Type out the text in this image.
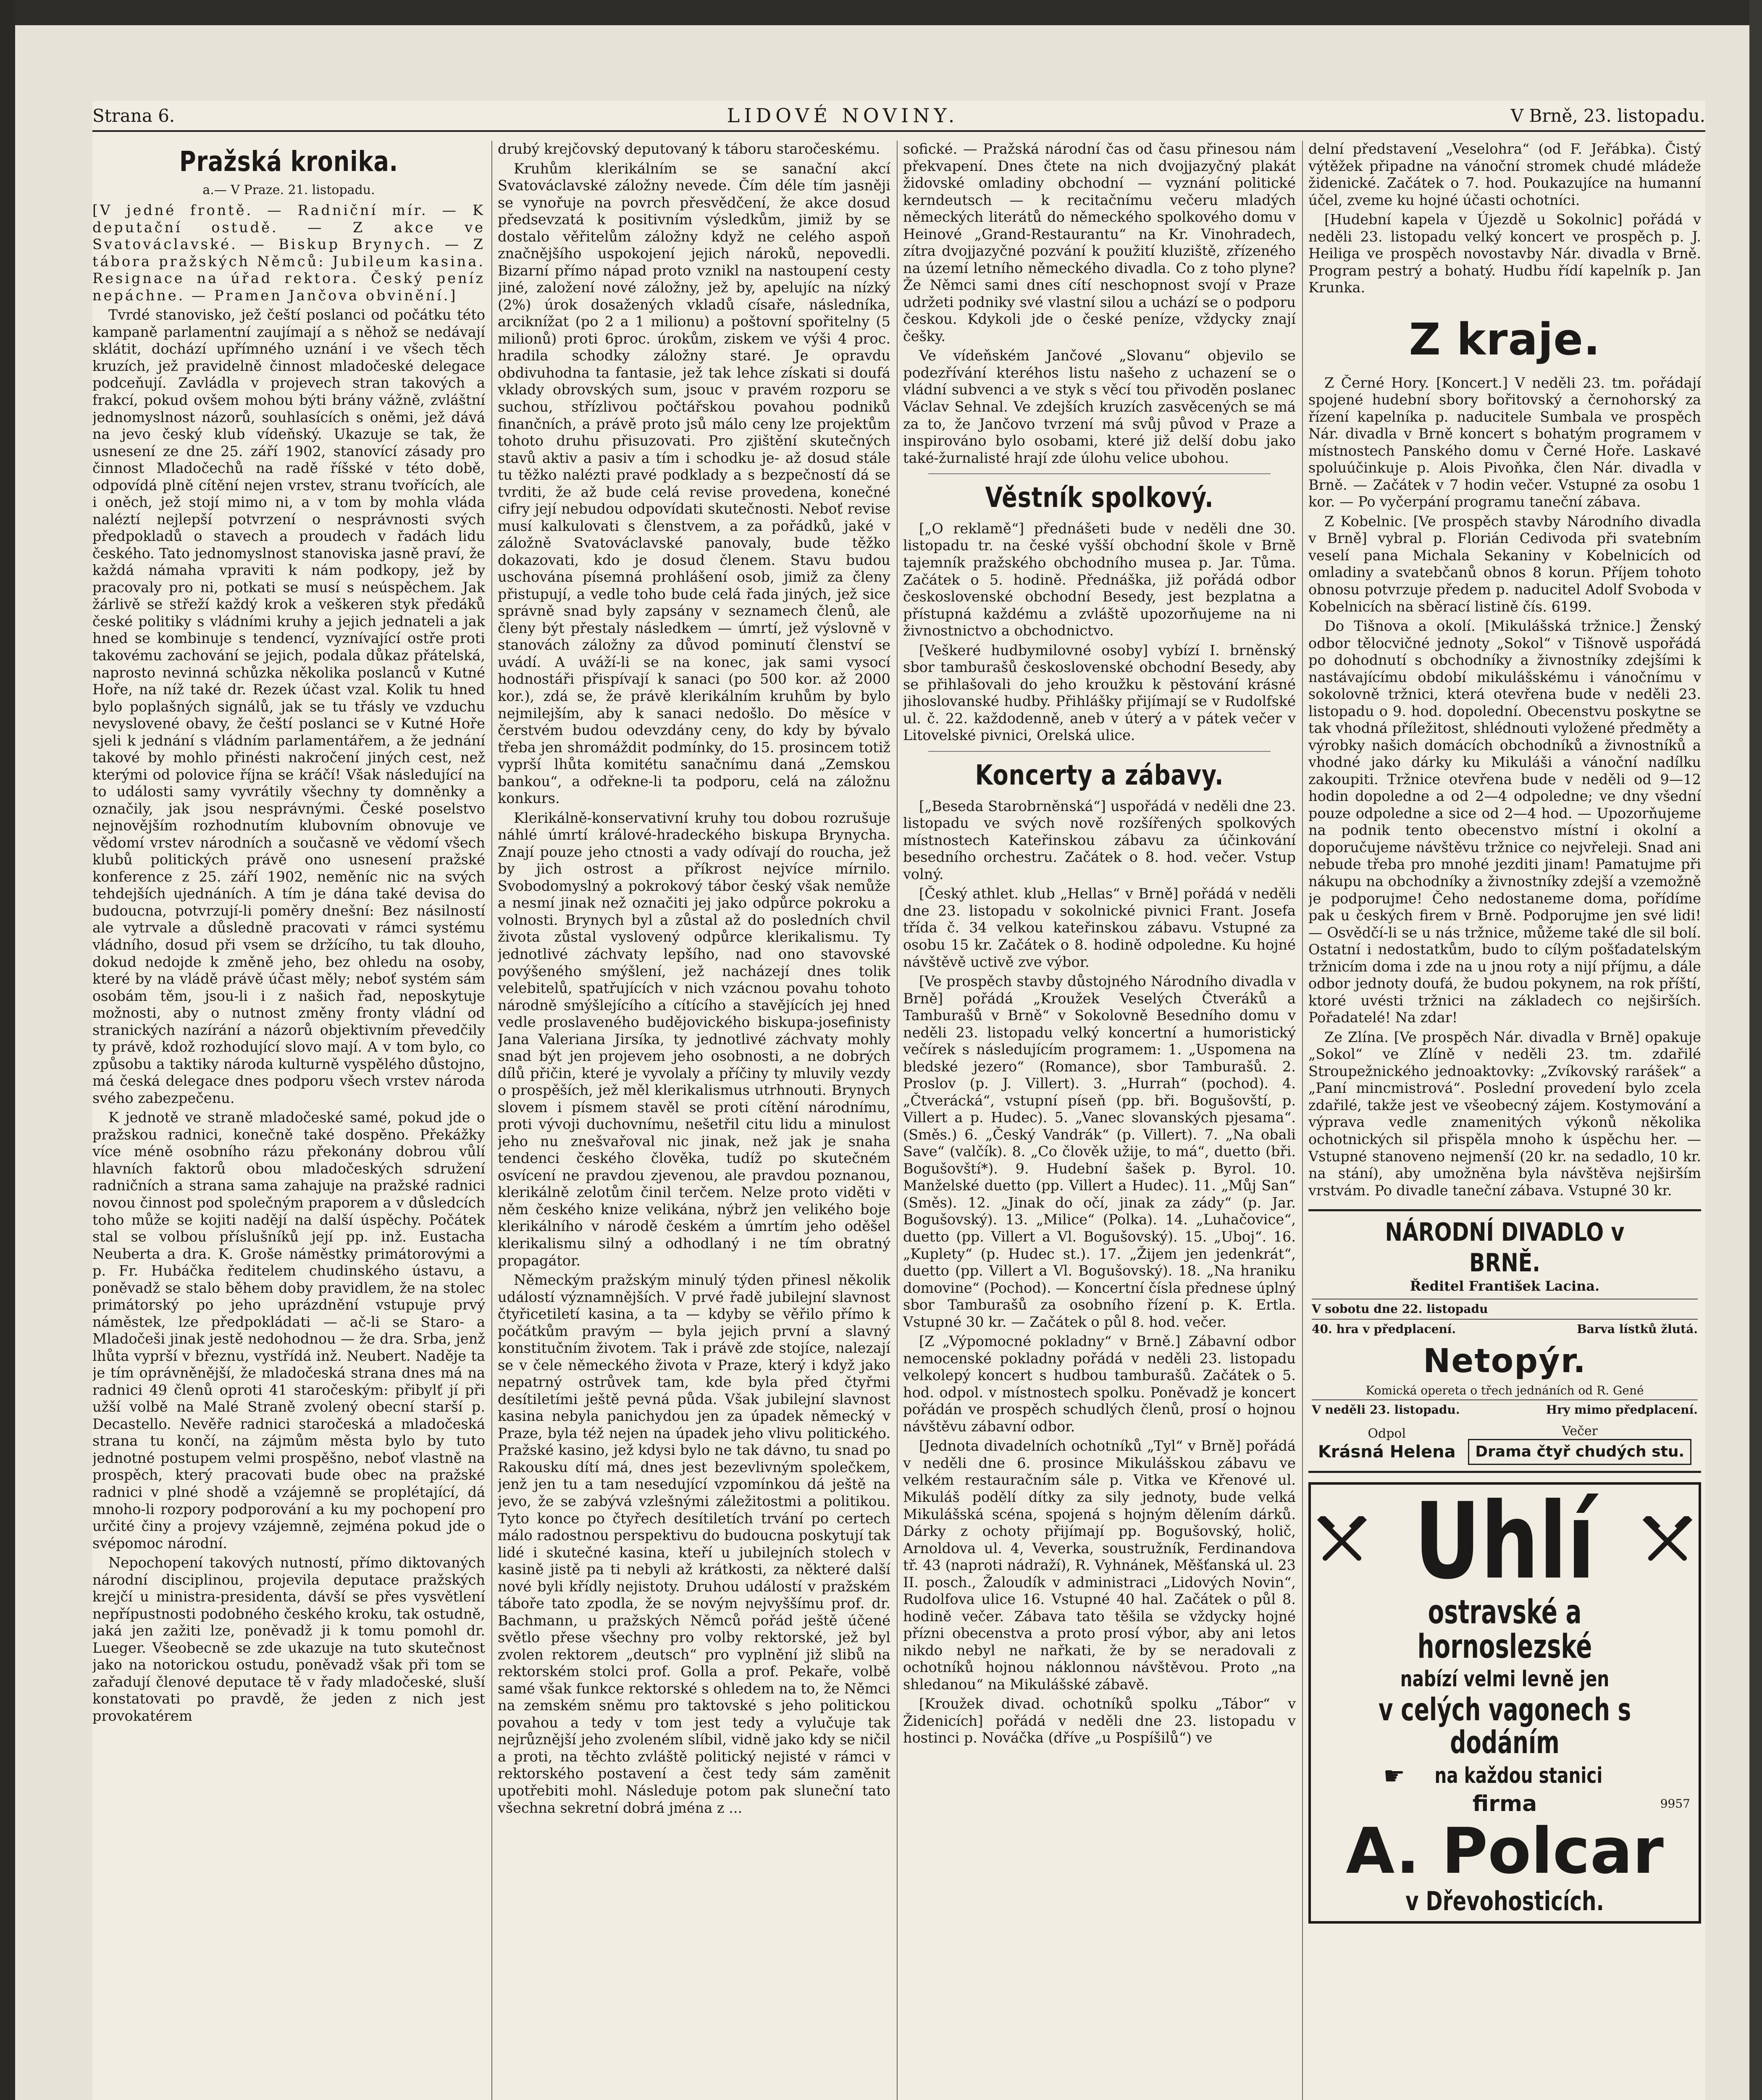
Strana 6.	LIDOVÉ NOVINY.	V Brně, 23. listopadu.
Pražská kronika.
a.— V Praze. 21. listopadu.

[V jedné frontě. — Radniční mír. — K deputační ostudě. — Z akce ve Svatováclavské. — Biskup Brynych. — Z tábora pražských Němců: Jubileum kasina. Resignace na úřad rektora. Český peníz nepáchne. — Pramen Jančova obvinění.]

Tvrdé stanovisko, jež čeští poslanci od počátku této kampaně parlamentní zaujímají a s něhož se nedávají sklátit, dochází upřímného uznání i ve všech těch kruzích, jež pravidelně činnost mladočeské delegace podceňují. Zavládla v projevech stran takových a frakcí, pokud ovšem mohou býti brány vážně, zvláštní jednomyslnost názorů, souhlasících s oněmi, jež dává na jevo český klub vídeňský. Ukazuje se tak, že usnesení ze dne 25. září 1902, stanovící zásady pro činnost Mladočechů na radě říšské v této době, odpovídá plně cítění nejen vrstev, stranu tvořících, ale i oněch, jež stojí mimo ni, a v tom by mohla vláda naléztí nejlepší potvrzení o nesprávnosti svých předpokladů o stavech a proudech v řadách lidu českého. Tato jednomyslnost stanoviska jasně praví, že každá námaha vpraviti k nám podkopy, jež by pracovaly pro ni, potkati se musí s neúspěchem. Jak žárlivě se střeží každý krok a veškeren styk předáků české politiky s vládními kruhy a jejich jednateli a jak hned se kombinuje s tendencí, vyznívající ostře proti takovému zachování se jejich, podala důkaz přátelská, naprosto nevinná schůzka několika poslanců v Kutné Hoře, na níž také dr. Rezek účast vzal. Kolik tu hned bylo poplašných signálů, jak se tu třásly ve vzduchu nevyslovené obavy, že čeští poslanci se v Kutné Hoře sjeli k jednání s vládním parlamentářem, a že jednání takové by mohlo přinésti nakročení jiných cest, než kterými od polovice října se kráčí! Však následující na to události samy vyvrátily všechny ty domněnky a označily, jak jsou nesprávnými. České poselstvo nejnovějším rozhodnutím klubovním obnovuje ve vědomí vrstev národních a současně ve vědomí všech klubů politických právě ono usnesení pražské konference z 25. září 1902, neměníc nic na svých tehdejších ujednáních. A tím je dána také devisa do budoucna, potvrzují-li poměry dnešní: Bez násilností ale vytrvale a důsledně pracovati v rámci systému vládního, dosud při vsem se držícího, tu tak dlouho, dokud nedojde k změně jeho, bez ohledu na osoby, které by na vládě právě účast měly; neboť systém sám osobám těm, jsou-li i z našich řad, neposkytuje možnosti, aby o nutnost změny fronty vládní od stranických nazírání a názorů objektivním převedčily ty právě, kdož rozhodující slovo mají. A v tom bylo, co způsobu a taktiky národa kulturně vyspělého důstojno, má česká delegace dnes podporu všech vrstev národa svého zabezpečenu.

K jednotě ve straně mladočeské samé, pokud jde o pražskou radnici, konečně také dospěno. Překážky více méně osobního rázu překonány dobrou vůlí hlavních faktorů obou mladočeských sdružení radničních a strana sama zahajuje na pražské radnici novou činnost pod společným praporem a v důsledcích toho může se kojiti nadějí na další úspěchy. Počátek stal se volbou příslušníků její pp. inž. Eustacha Neuberta a dra. K. Groše náměstky primátorovými a p. Fr. Hubáčka ředitelem chudinského ústavu, a poněvadž se stalo během doby pravidlem, že na stolec primátorský po jeho uprázdnění vstupuje prvý náměstek, lze předpokládati — ač-li se Staro- a Mladočeši jinak jestě nedohodnou — že dra. Srba, jenž lhůta vyprší v březnu, vystřídá inž. Neubert. Naděje ta je tím oprávněnější, že mladočeská strana dnes má na radnici 49 členů oproti 41 staročeským: přibylť jí při užší volbě na Malé Straně zvolený obecní starší p. Decastello. Nevěře radnici staročeská a mladočeská strana tu končí, na zájmům města bylo by tuto jednotné postupem velmi prospěšno, neboť vlastně na prospěch, který pracovati bude obec na pražské radnici v plné shodě a vzájemně se proplétající, dá mnoho-li rozpory podporování a ku my pochopení pro určité činy a projevy vzájemně, zejména pokud jde o svépomoc národní.

Nepochopení takových nutností, přímo diktovaných národní disciplinou, projevila deputace pražských krejčí u ministra-presidenta, dávší se přes vysvětlení nepřípustnosti podobného českého kroku, tak ostudně, jaká jen zažiti lze, poněvadž ji k tomu pomohl dr. Lueger. Všeobecně se zde ukazuje na tuto skutečnost jako na notorickou ostudu, poněvadž však při tom se zařadují členové deputace tě v řady mladočeské, sluší konstatovati po pravdě, že jeden z nich jest provokatérem

drubý krejčovský deputovaný k táboru staročeskému.

Kruhům klerikálním se se sanační akcí Svatováclavské záložny nevede. Čím déle tím jasněji se vynořuje na povrch přesvědčení, že akce dosud předsevzatá k positivním výsledkům, jimiž by se dostalo věřitelům záložny když ne celého aspoň značnějšího uspokojení jejich nároků, nepovedli. Bizarní přímo nápad proto vznikl na nastoupení cesty jiné, založení nové záložny, jež by, apelujíc na nízký (2%) úrok dosažených vkladů císaře, následníka, arciknížat (po 2 a 1 milionu) a poštovní spořitelny (5 milionů) proti 6proc. úrokům, ziskem ve výši 4 proc. hradila schodky záložny staré. Je opravdu obdivuhodna ta fantasie, jež tak lehce získati si doufá vklady obrovských sum, jsouc v pravém rozporu se suchou, střízlivou počtářskou povahou podniků finančních, a právě proto jsů málo ceny lze projektům tohoto druhu přisuzovati. Pro zjištění skutečných stavů aktiv a pasiv a tím i schodku je- až dosud stále tu těžko nalézti pravé podklady a s bezpečností dá se tvrditi, že až bude celá revise provedena, konečné cifry její nebudou odpovídati skutečnosti. Neboť revise musí kalkulovati s členstvem, a za pořádků, jaké v záložně Svatováclavské panovaly, bude těžko dokazovati, kdo je dosud členem. Stavu budou uschována písemná prohlášení osob, jimiž za členy přistupují, a vedle toho bude celá řada jiných, jež sice správně snad byly zapsány v seznamech členů, ale členy být přestaly následkem — úmrtí, jež výslovně v stanovách záložny za důvod pominutí členství se uvádí. A uváží-li se na konec, jak sami vysocí hodnostáři přispívají k sanaci (po 500 kor. až 2000 kor.), zdá se, že právě klerikálním kruhům by bylo nejmilejším, aby k sanaci nedošlo. Do měsíce v čerstvém budou odevzdány ceny, do kdy by bývalo třeba jen shromáždit podmínky, do 15. prosincem totiž vyprší lhůta komitétu sanačnímu daná „Zemskou bankou“, a odřekne-li ta podporu, celá na záložnu konkurs.

Klerikálně-konservativní kruhy tou dobou rozrušuje náhlé úmrtí králové-hradeckého biskupa Brynycha. Znají pouze jeho ctnosti a vady odívají do roucha, jež by jich ostrost a příkrost nejvíce mírnilo. Svobodomyslný a pokrokový tábor český však nemůže a nesmí jinak než označiti jej jako odpůrce pokroku a volnosti. Brynych byl a zůstal až do posledních chvil života zůstal vyslovený odpůrce klerikalismu. Ty jednotlivé záchvaty lepšího, nad ono stavovské povýšeného smýšlení, jež nacházejí dnes tolik velebitelů, spatřujících v nich vzácnou povahu tohoto národně smýšlejícího a cítícího a stavějících jej hned vedle proslaveného budějovického biskupa-josefinisty Jana Valeriana Jirsíka, ty jednotlivé záchvaty mohly snad být jen projevem jeho osobnosti, a ne dobrých dílů přičin, které je vyvolaly a příčiny ty mluvily vezdy o prospěších, jež měl klerikalismus utrhnouti. Brynych slovem i písmem stavěl se proti cítění národnímu, proti vývoji duchovnímu, nešetřil citu lidu a minulost jeho nu znešvařoval nic jinak, než jak je snaha tendenci českého člověka, tudíž po skutečném osvícení ne pravdou zjevenou, ale pravdou poznanou, klerikálně zelotům činil terčem. Nelze proto viděti v něm českého knize velikána, nýbrž jen velikého boje klerikálního v národě českém a úmrtím jeho oděšel klerikalismu silný a odhodlaný i ne tím obratný propagátor.

Německým pražským minulý týden přinesl několik událostí významnějších. V prvé řadě jubilejní slavnost čtyřicetiletí kasina, a ta — kdyby se věřilo přímo k počátkům pravým — byla jejich první a slavný konstitučním životem. Tak i právě zde stojíce, nalezají se v čele německého života v Praze, který i když jako nepatrný ostrůvek tam, kde byla před čtyřmi desítiletími ještě pevná půda. Však jubilejní slavnost kasina nebyla panichydou jen za úpadek německý v Praze, byla též nejen na úpadek jeho vlivu politického. Pražské kasino, jež kdysi bylo ne tak dávno, tu snad po Rakousku dítí má, dnes jest bezevlivným společkem, jenž jen tu a tam nesedující vzpomínkou dá ještě na jevo, že se zabývá vzlešnými záležitostmi a politikou. Tyto konce po čtyřech desítiletích trvání po certech málo radostnou perspektivu do budoucna poskytují tak lidé i skutečné kasina, kteří u jubilejních stolech v kasině jistě pa ti nebyli až krátkosti, za některé další nové byli křídly nejistoty. Druhou událostí v pražském táboře tato zpodla, že se novým nejvyššímu prof. dr. Bachmann, u pražských Němců pořád ještě účené světlo přese všechny pro volby rektorské, jež byl zvolen rektorem „deutsch“ pro vyplnění již slibů na rektorském stolci prof. Golla a prof. Pekaře, volbě samé však funkce rektorské s ohledem na to, že Němci na zemském sněmu pro taktovské s jeho politickou povahou a tedy v tom jest tedy a vylučuje tak nejrůznější jeho zvoleném slíbil, vidně jako kdy se ničil a proti, na těchto zvláště politický nejisté v rámci v rektorského postavení a čest tedy sám zaměnit upotřebiti mohl. Následuje potom pak sluneční tato všechna sekretní dobrá jména z ...

sofické. — Pražská národní čas od času přinesou nám překvapení. Dnes čtete na nich dvojjazyčný plakát židovské omladiny obchodní — vyznání politické kerndeutsch — k recitačnímu večeru mladých německých literátů do německého spolkového domu v Heinové „Grand-Restaurantu“ na Kr. Vinohradech, zítra dvojjazyčné pozvání k použití kluziště, zřízeného na území letního německého divadla. Co z toho plyne? Že Němci sami dnes cítí neschopnost svojí v Praze udržeti podniky své vlastní silou a uchází se o podporu českou. Kdykoli jde o české peníze, vždycky znají češky.

Ve vídeňském Jančové „Slovanu“ objevilo se podezřívání kteréhos listu našeho z uchazení se o vládní subvenci a ve styk s věcí tou přivoděn poslanec Václav Sehnal. Ve zdejších kruzích zasvěcených se má za to, že Jančovo tvrzení má svůj původ v Praze a inspirováno bylo osobami, které již delší dobu jako také-žurnalisté hrají zde úlohu velice ubohou.

Věstník spolkový.

[„O reklamě“] přednášeti bude v neděli dne 30. listopadu tr. na české vyšší obchodní škole v Brně tajemník pražského obchodního musea p. Jar. Tůma. Začátek o 5. hodině. Přednáška, již pořádá odbor československé obchodní Besedy, jest bezplatna a přístupná každému a zvláště upozorňujeme na ni živnostnictvo a obchodnictvo.

[Veškeré hudbymilovné osoby] vybízí I. brněnský sbor tamburašů československé obchodní Besedy, aby se přihlašovali do jeho kroužku k pěstování krásné jihoslovanské hudby. Přihlášky přijímají se v Rudolfské ul. č. 22. každodenně, aneb v úterý a v pátek večer v Litovelské pivnici, Orelská ulice.

Koncerty a zábavy.

[„Beseda Starobrněnská“] uspořádá v neděli dne 23. listopadu ve svých nově rozšířených spolkových místnostech Kateřinskou zábavu za účinkování besedního orchestru. Začátek o 8. hod. večer. Vstup volný.

[Český athlet. klub „Hellas“ v Brně] pořádá v neděli dne 23. listopadu v sokolnické pivnici Frant. Josefa třída č. 34 velkou kateřinskou zábavu. Vstupné za osobu 15 kr. Začátek o 8. hodině odpoledne. Ku hojné návštěvě uctivě zve výbor.

[Ve prospěch stavby důstojného Národního divadla v Brně] pořádá „Kroužek Veselých Čtveráků a Tamburašů v Brně“ v Sokolovně Besedního domu v neděli 23. listopadu velký koncertní a humoristický večírek s následujícím programem: 1. „Uspomena na bledské jezero“ (Romance), sbor Tamburašů. 2. Proslov (p. J. Villert). 3. „Hurrah“ (pochod). 4. „Čtverácká“, vstupní píseň (pp. bři. Bogušovští, p. Villert a p. Hudec). 5. „Vanec slovanských pjesama“. (Směs.) 6. „Český Vandrák“ (p. Villert). 7. „Na obali Save“ (valčík). 8. „Co člověk užije, to má“, duetto (bři. Bogušovští*). 9. Hudební šašek p. Byrol. 10. Manželské duetto (pp. Villert a Hudec). 11. „Můj San“ (Směs). 12. „Jinak do očí, jinak za zády“ (p. Jar. Bogušovský). 13. „Milice“ (Polka). 14. „Luhačovice“, duetto (pp. Villert a Vl. Bogušovský). 15. „Uboj“. 16. „Kuplety“ (p. Hudec st.). 17. „Žijem jen jedenkrát“, duetto (pp. Villert a Vl. Bogušovský). 18. „Na hraniku domovine“ (Pochod). — Koncertní čísla přednese úplný sbor Tamburašů za osobního řízení p. K. Ertla. Vstupné 30 kr. — Začátek o půl 8. hod. večer.

[Z „Výpomocné pokladny“ v Brně.] Zábavní odbor nemocenské pokladny pořádá v neděli 23. listopadu velkolepý koncert s hudbou tamburašů. Začátek o 5. hod. odpol. v místnostech spolku. Poněvadž je koncert pořádán ve prospěch schudlých členů, prosí o hojnou návštěvu zábavní odbor.

[Jednota divadelních ochotníků „Tyl“ v Brně] pořádá v neděli dne 6. prosince Mikulášskou zábavu ve velkém restauračním sále p. Vitka ve Křenové ul. Mikuláš podělí dítky za sily jednoty, bude velká Mikulášská scéna, spojená s hojným dělením dárků. Dárky z ochoty přijímají pp. Bogušovský, holič, Arnoldova ul. 4, Veverka, soustružník, Ferdinandova tř. 43 (naproti nádraží), R. Vyhnánek, Měšťanská ul. 23 II. posch., Žaloudík v administraci „Lidových Novin“, Rudolfova ulice 16. Vstupné 40 hal. Začátek o půl 8. hodině večer. Zábava tato těšila se vždycky hojné přízni obecenstva a proto prosí výbor, aby ani letos nikdo nebyl ne nařkati, že by se neradovali z ochotníků hojnou náklonnou návštěvou. Proto „na shledanou“ na Mikulášské zábavě.

[Kroužek divad. ochotníků spolku „Tábor“ v Židenicích] pořádá v neděli dne 23. listopadu v hostinci p. Nováčka (dříve „u Pospíšilů“) ve

delní představení „Veselohra“ (od F. Jeřábka). Čistý výtěžek připadne na vánoční stromek chudé mládeže židenické. Začátek o 7. hod. Poukazujíce na humanní účel, zveme ku hojné účasti ochotníci.

[Hudební kapela v Újezdě u Sokolnic] pořádá v neděli 23. listopadu velký koncert ve prospěch p. J. Heiliga ve prospěch novostavby Nár. divadla v Brně. Program pestrý a bohatý. Hudbu řídí kapelník p. Jan Krunka.

Z kraje.

Z Černé Hory. [Koncert.] V neděli 23. tm. pořádají spojené hudební sbory bořitovský a černohorský za řízení kapelníka p. naducitele Sumbala ve prospěch Nár. divadla v Brně koncert s bohatým programem v místnostech Panského domu v Černé Hoře. Laskavé spoluúčinkuje p. Alois Pivoňka, člen Nár. divadla v Brně. — Začátek v 7 hodin večer. Vstupné za osobu 1 kor. — Po vyčerpání programu taneční zábava.

Z Kobelnic. [Ve prospěch stavby Národního divadla v Brně] vybral p. Florián Cedivoda při svatebním veselí pana Michala Sekaniny v Kobelnicích od omladiny a svatebčanů obnos 8 korun. Příjem tohoto obnosu potvrzuje předem p. naducitel Adolf Svoboda v Kobelnicích na sběrací listině čís. 6199.

Do Tišnova a okolí. [Mikulášská tržnice.] Ženský odbor tělocvičné jednoty „Sokol“ v Tišnově uspořádá po dohodnutí s obchodníky a živnostníky zdejšími k nastávajícímu období mikulášskému i vánočnímu v sokolovně tržnici, která otevřena bude v neděli 23. listopadu o 9. hod. dopolední. Obecenstvu poskytne se tak vhodná příležitost, shlédnouti vyložené předměty a výrobky našich domácích obchodníků a živnostníků a vhodné jako dárky ku Mikuláši a vánoční nadílku zakoupiti. Tržnice otevřena bude v neděli od 9—12 hodin dopoledne a od 2—4 odpoledne; ve dny všední pouze odpoledne a sice od 2—4 hod. — Upozorňujeme na podnik tento obecenstvo místní i okolní a doporučujeme návštěvu tržnice co nejvřeleji. Snad ani nebude třeba pro mnohé jezditi jinam! Pamatujme při nákupu na obchodníky a živnostníky zdejší a vzemožně je podporujme! Čeho nedostaneme doma, pořídíme pak u českých firem v Brně. Podporujme jen své lidi! — Osvědčí-li se u nás tržnice, můžeme také dle sil bolí. Ostatní i nedostatkům, budo to cílým pošťadatelským tržnicím doma i zde na u jnou roty a nijí příjmu, a dále odbor jednoty doufá, že budou pokynem, na rok příští, ktoré uvésti tržnici na základech co nejširších. Pořadatelé! Na zdar!

Ze Zlína. [Ve prospěch Nár. divadla v Brně] opakuje „Sokol“ ve Zlíně v neděli 23. tm. zdařilé Stroupežnického jednoaktovky: „Zvíkovský rarášek“ a „Paní mincmistrová“. Poslední provedení bylo zcela zdařilé, takže jest ve všeobecný zájem. Kostymování a výprava vedle znamenitých výkonů několika ochotnických sil přispěla mnoho k úspěchu her. — Vstupné stanoveno nejmenší (20 kr. na sedadlo, 10 kr. na stání), aby umožněna byla návštěva nejširším vrstvám. Po divadle taneční zábava. Vstupné 30 kr.

NÁRODNÍ DIVADLO v BRNĚ.
Ředitel František Lacina.
V sobotu dne 22. listopadu
40. hra v předplacení.	Barva lístků žlutá.
Netopýr.
Komická opereta o třech jednáních od R. Gené
V neděli 23. listopadu.	Hry mimo předplacení.
Odpol
Krásná Helena
Večer
Drama čtyř chudých stu.
Uhlí
ostravské a hornoslezské
nabízí velmi levně jen
v celých vagonech s dodáním
☛ na každou stanici
firma	9957
A. Polcar
v Dřevohosticích.
